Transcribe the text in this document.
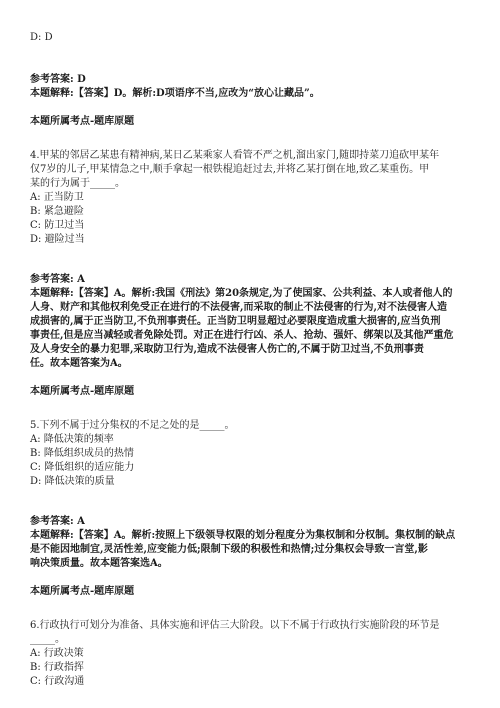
D: D
参考答案: D
本题解释:【答案】D。解析:D项语序不当,应改为“放心让藏品”。
本题所属考点-题库原题
4.甲某的邻居乙某患有精神病,某日乙某乘家人看管不严之机,溜出家门,随即持菜刀追砍甲某年
仅7岁的儿子,甲某情急之中,顺手拿起一根铁棍追赶过去,并将乙某打倒在地,致乙某重伤。甲
某的行为属于_____。
A: 正当防卫
B: 紧急避险
C: 防卫过当
D: 避险过当
参考答案: A
本题解释:【答案】A。解析:我国《刑法》第20条规定,为了使国家、公共利益、本人或者他人的
人身、财产和其他权利免受正在进行的不法侵害,而采取的制止不法侵害的行为,对不法侵害人造
成损害的,属于正当防卫,不负刑事责任。正当防卫明显超过必要限度造成重大损害的,应当负刑
事责任,但是应当减轻或者免除处罚。对正在进行行凶、杀人、抢劫、强奸、绑架以及其他严重危
及人身安全的暴力犯罪,采取防卫行为,造成不法侵害人伤亡的,不属于防卫过当,不负刑事责
任。故本题答案为A。
本题所属考点-题库原题
5.下列不属于过分集权的不足之处的是_____。
A: 降低决策的频率
B: 降低组织成员的热情
C: 降低组织的适应能力
D: 降低决策的质量
参考答案: A
本题解释:【答案】A。解析:按照上下级领导权限的划分程度分为集权制和分权制。集权制的缺点
是不能因地制宜,灵活性差,应变能力低;限制下级的积极性和热情;过分集权会导致一言堂,影
响决策质量。故本题答案选A。
本题所属考点-题库原题
6.行政执行可划分为准备、具体实施和评估三大阶段。以下不属于行政执行实施阶段的环节是
_____。
A: 行政决策
B: 行政指挥
C: 行政沟通
